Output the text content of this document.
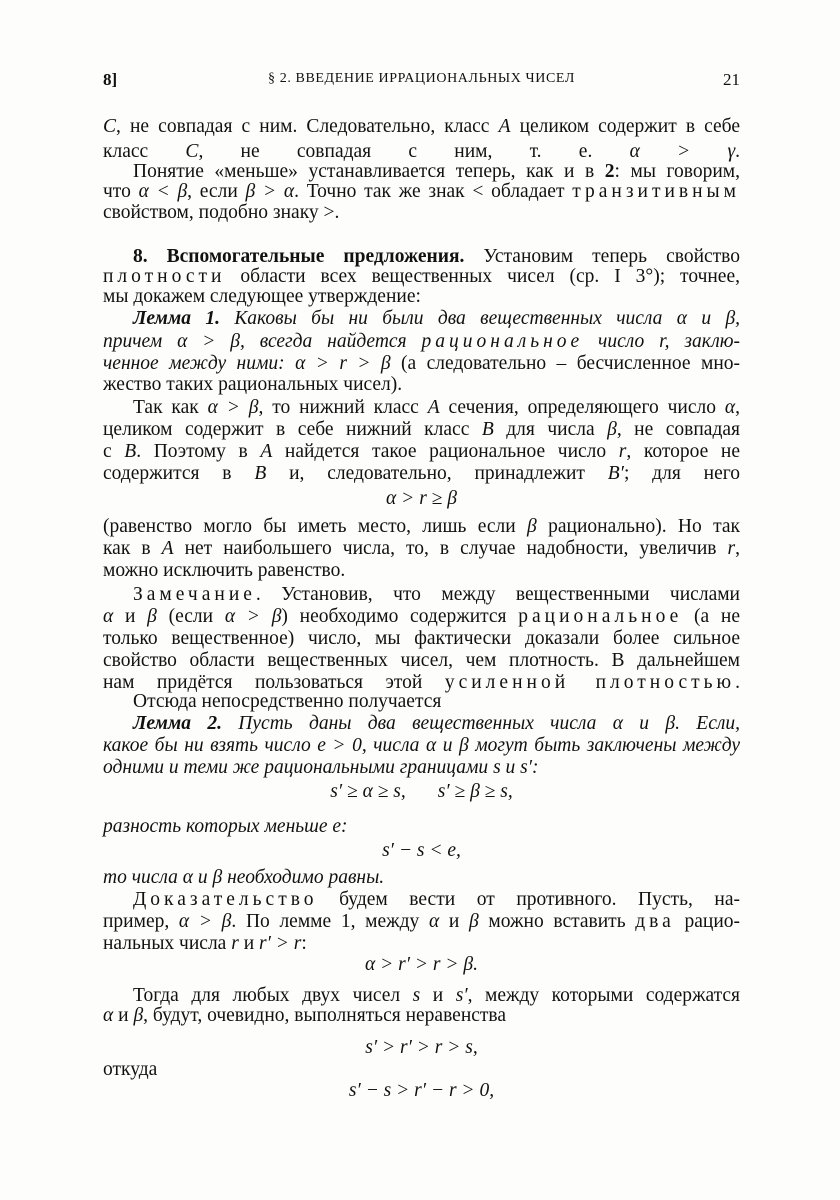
8]	§ 2. ВВЕДЕНИЕ ИРРАЦИОНАЛЬНЫХ ЧИСЕЛ	21
C, не совпадая с ним. Следовательно, класс A целиком содержит в себе
класс C, не совпадая с ним, т. е. α > γ.
Понятие «меньше» устанавливается теперь, как и в 2: мы говорим,
что α < β, если β > α. Точно так же знак < обладает транзитивным
свойством, подобно знаку >.
8. Вспомогательные предложения. Установим теперь свойство
плотности области всех вещественных чисел (ср. I 3°); точнее,
мы докажем следующее утверждение:
Лемма 1. Каковы бы ни были два вещественных числа α и β,
причем α > β, всегда найдется рациональное число r, заклю-
ченное между ними: α > r > β (а следовательно – бесчисленное мно-
жество таких рациональных чисел).
Так как α > β, то нижний класс A сечения, определяющего число α,
целиком содержит в себе нижний класс B для числа β, не совпадая
с B. Поэтому в A найдется такое рациональное число r, которое не
содержится в B и, следовательно, принадлежит B′; для него
α > r ≥ β
(равенство могло бы иметь место, лишь если β рационально). Но так
как в A нет наибольшего числа, то, в случае надобности, увеличив r,
можно исключить равенство.
Замечание. Установив, что между вещественными числами
α и β (если α > β) необходимо содержится рациональное (а не
только вещественное) число, мы фактически доказали более сильное
свойство области вещественных чисел, чем плотность. В дальнейшем
нам придётся пользоваться этой усиленной плотностью.
Отсюда непосредственно получается
Лемма 2. Пусть даны два вещественных числа α и β. Если,
какое бы ни взять число e > 0, числа α и β могут быть заключены между
одними и теми же рациональными границами s и s′:
s′ ≥ α ≥ s, s′ ≥ β ≥ s,
разность которых меньше e:
s′ − s < e,
то числа α и β необходимо равны.
Доказательство будем вести от противного. Пусть, на-
пример, α > β. По лемме 1, между α и β можно вставить два рацио-
нальных числа r и r′ > r:
α > r′ > r > β.
Тогда для любых двух чисел s и s′, между которыми содержатся
α и β, будут, очевидно, выполняться неравенства
s′ > r′ > r > s,
откуда
s′ − s > r′ − r > 0,
